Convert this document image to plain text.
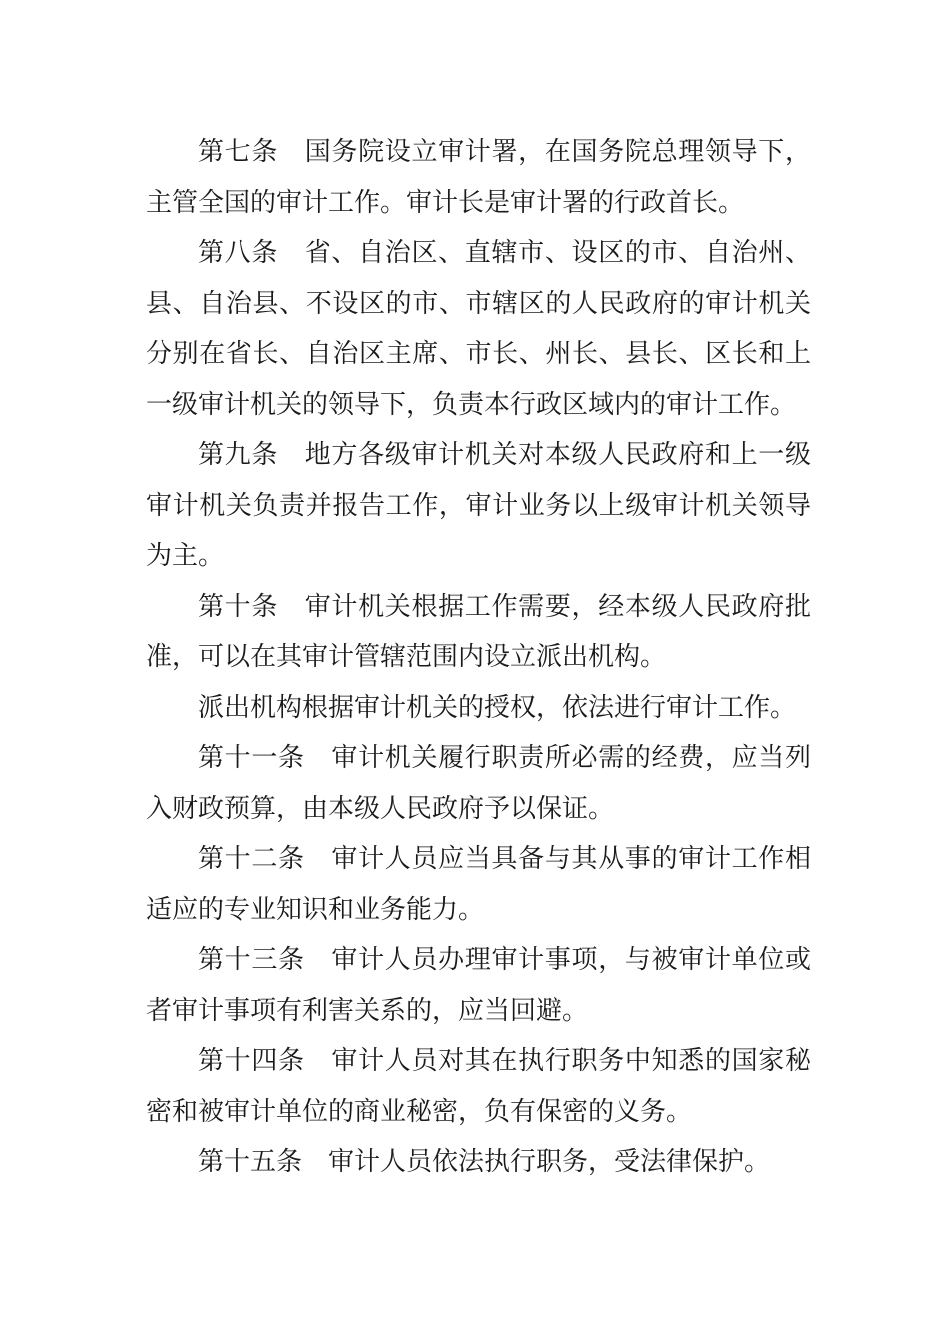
第七条　国务院设立审计署，在国务院总理领导下，主管全国的审计工作。审计长是审计署的行政首长。

第八条　省、自治区、直辖市、设区的市、自治州、县、自治县、不设区的市、市辖区的人民政府的审计机关分别在省长、自治区主席、市长、州长、县长、区长和上一级审计机关的领导下，负责本行政区域内的审计工作。

第九条　地方各级审计机关对本级人民政府和上一级审计机关负责并报告工作，审计业务以上级审计机关领导为主。

第十条　审计机关根据工作需要，经本级人民政府批准，可以在其审计管辖范围内设立派出机构。

派出机构根据审计机关的授权，依法进行审计工作。

第十一条　审计机关履行职责所必需的经费，应当列入财政预算，由本级人民政府予以保证。

第十二条　审计人员应当具备与其从事的审计工作相适应的专业知识和业务能力。

第十三条　审计人员办理审计事项，与被审计单位或者审计事项有利害关系的，应当回避。

第十四条　审计人员对其在执行职务中知悉的国家秘密和被审计单位的商业秘密，负有保密的义务。

第十五条　审计人员依法执行职务，受法律保护。
